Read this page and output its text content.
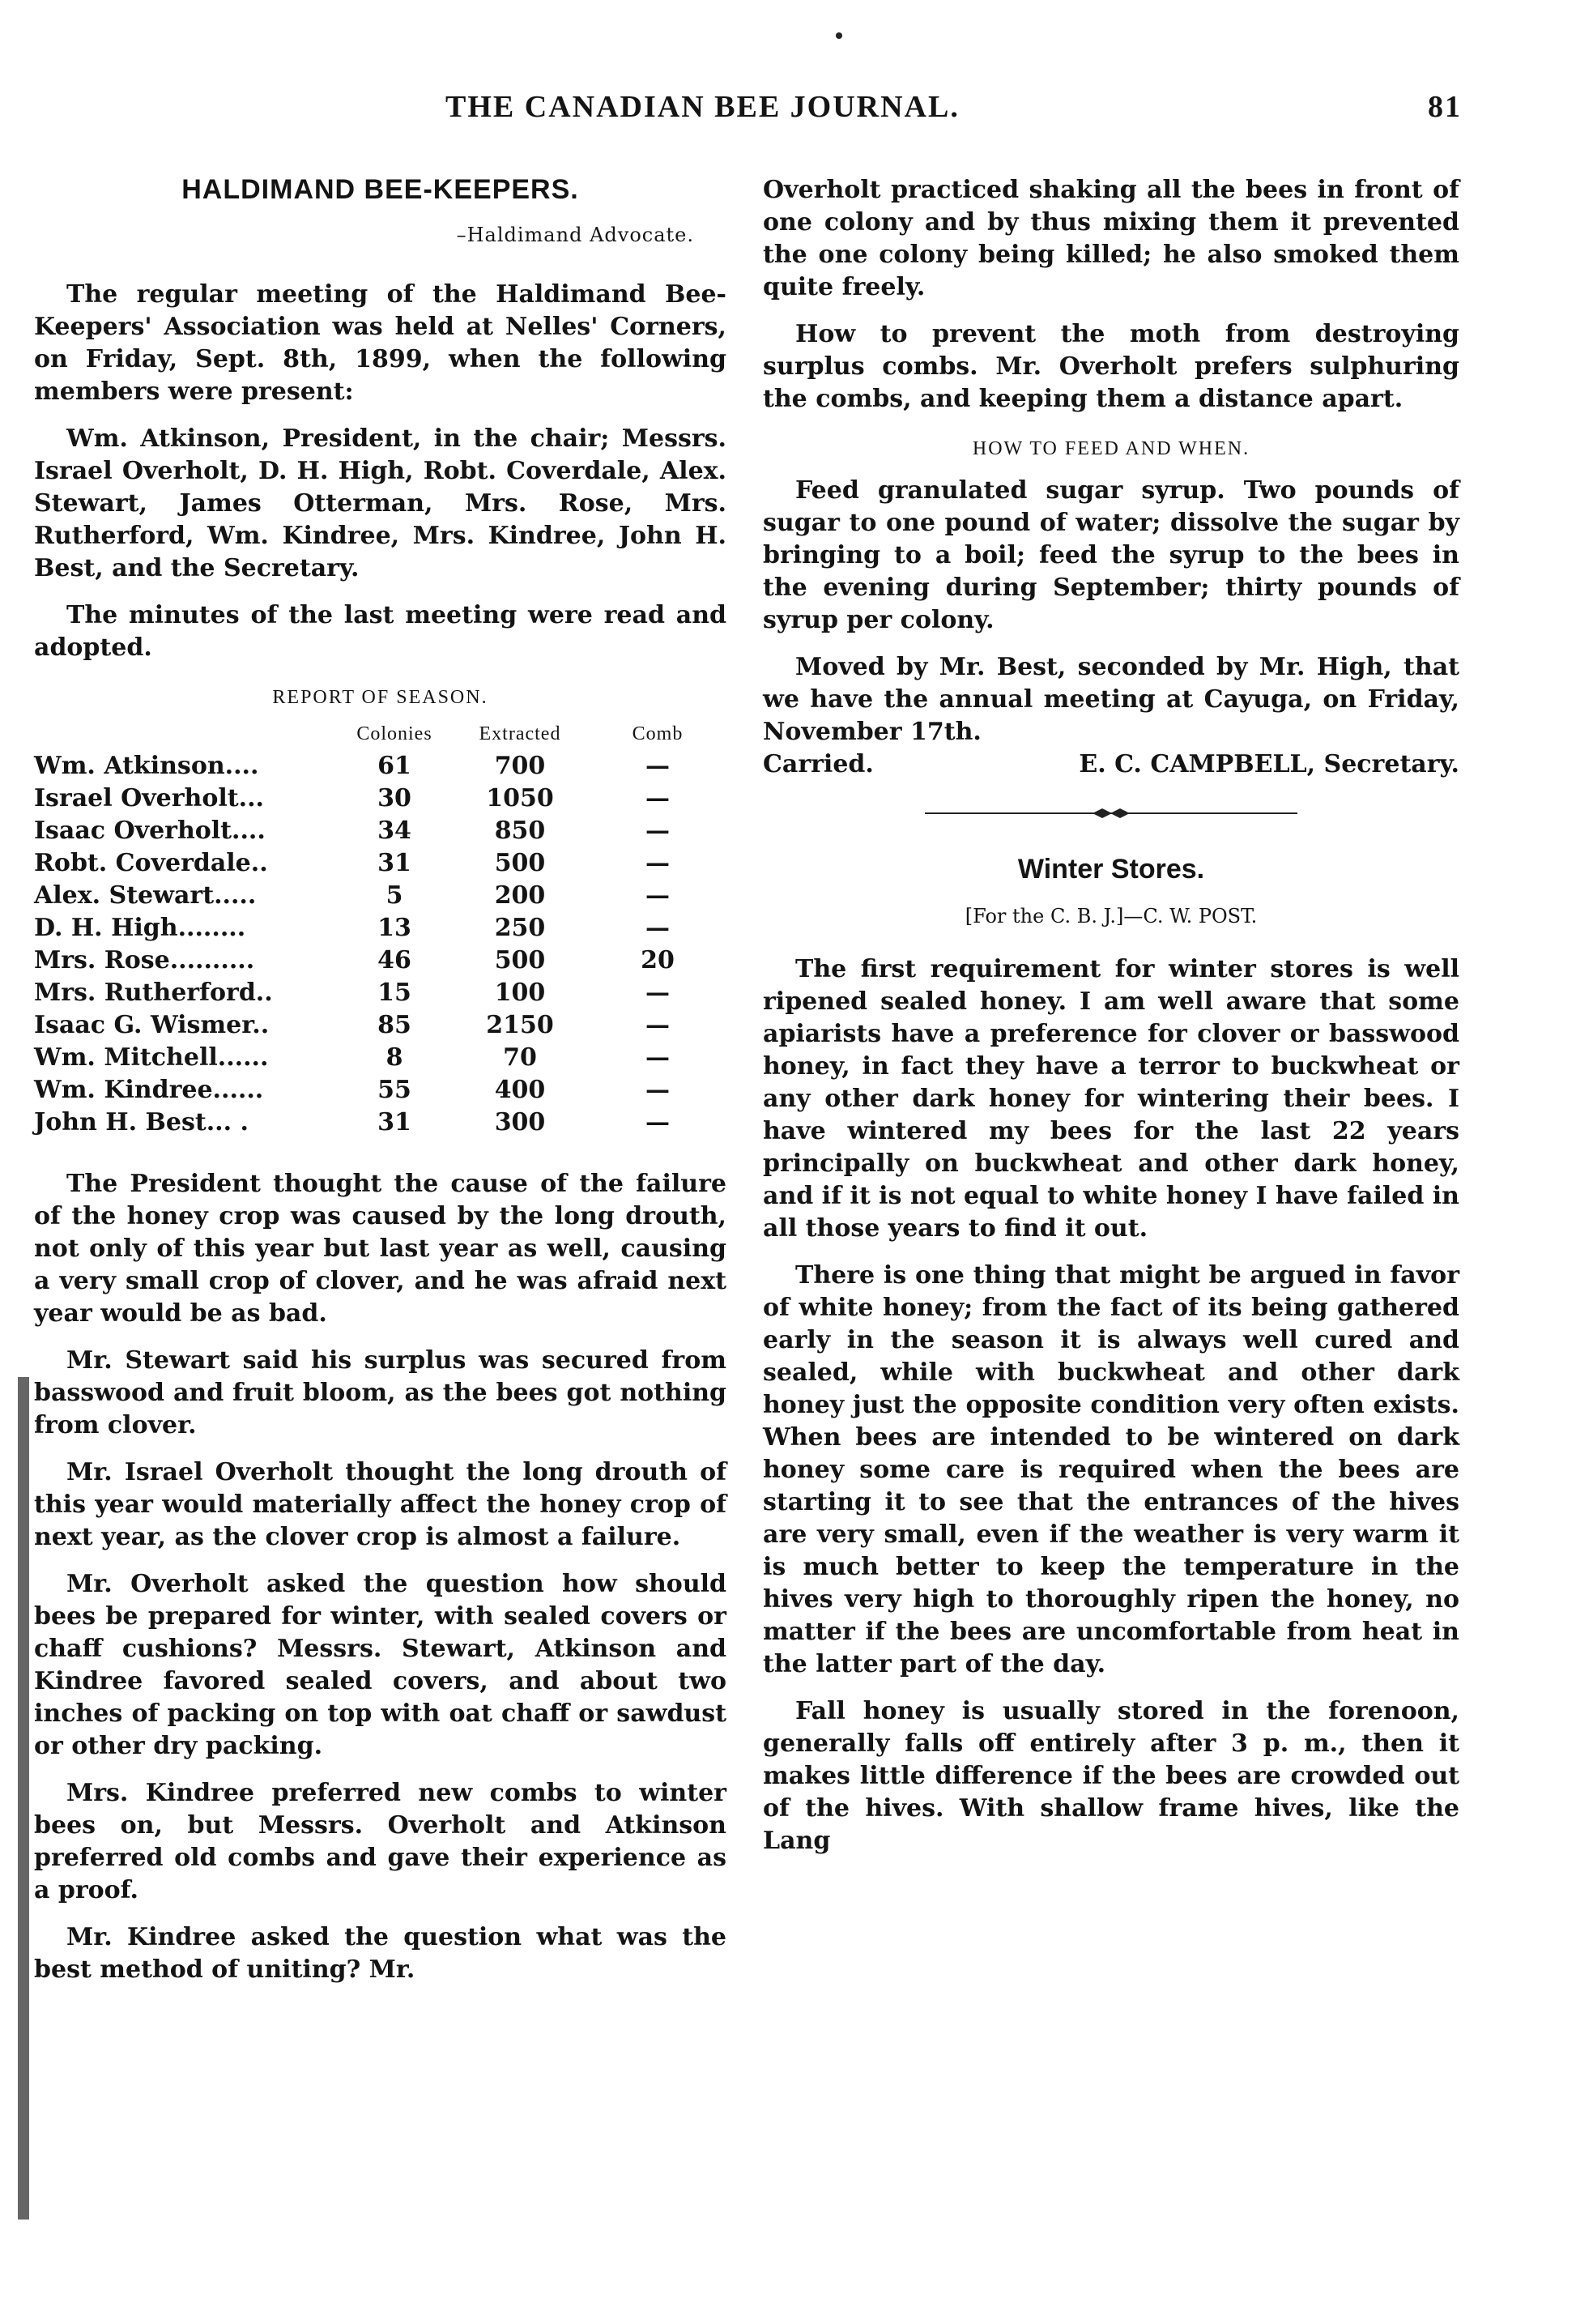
THE CANADIAN BEE JOURNAL.	81
HALDIMAND BEE-KEEPERS.
–Haldimand Advocate.

The regular meeting of the Haldimand Bee-Keepers' Association was held at Nelles' Corners, on Friday, Sept. 8th, 1899, when the following members were present:

Wm. Atkinson, President, in the chair; Messrs. Israel Overholt, D. H. High, Robt. Coverdale, Alex. Stewart, James Otterman, Mrs. Rose, Mrs. Rutherford, Wm. Kindree, Mrs. Kindree, John H. Best, and the Secretary.

The minutes of the last meeting were read and adopted.

REPORT OF SEASON.
	Colonies	Extracted	Comb
Wm. Atkinson....	61	700	—
Israel Overholt...	30	1050	—
Isaac Overholt....	34	850	—
Robt. Coverdale..	31	500	—
Alex. Stewart.....	5	200	—
D. H. High........	13	250	—
Mrs. Rose..........	46	500	20
Mrs. Rutherford..	15	100	—
Isaac G. Wismer..	85	2150	—
Wm. Mitchell......	8	70	—
Wm. Kindree......	55	400	—
John H. Best... .	31	300	—

The President thought the cause of the failure of the honey crop was caused by the long drouth, not only of this year but last year as well, causing a very small crop of clover, and he was afraid next year would be as bad.

Mr. Stewart said his surplus was secured from basswood and fruit bloom, as the bees got nothing from clover.

Mr. Israel Overholt thought the long drouth of this year would materially affect the honey crop of next year, as the clover crop is almost a failure.

Mr. Overholt asked the question how should bees be prepared for winter, with sealed covers or chaff cushions? Messrs. Stewart, Atkinson and Kindree favored sealed covers, and about two inches of packing on top with oat chaff or sawdust or other dry packing.

Mrs. Kindree preferred new combs to winter bees on, but Messrs. Overholt and Atkinson preferred old combs and gave their experience as a proof.

Mr. Kindree asked the question what was the best method of uniting? Mr.

Overholt practiced shaking all the bees in front of one colony and by thus mixing them it prevented the one colony being killed; he also smoked them quite freely.

How to prevent the moth from destroying surplus combs. Mr. Overholt prefers sulphuring the combs, and keeping them a distance apart.

HOW TO FEED AND WHEN.

Feed granulated sugar syrup. Two pounds of sugar to one pound of water; dissolve the sugar by bringing to a boil; feed the syrup to the bees in the evening during September; thirty pounds of syrup per colony.

Moved by Mr. Best, seconded by Mr. High, that we have the annual meeting at Cayuga, on Friday, November 17th.

Carried.	E. C. CAMPBELL, Secretary.
Winter Stores.
[For the C. B. J.]—C. W. POST.

The first requirement for winter stores is well ripened sealed honey. I am well aware that some apiarists have a preference for clover or basswood honey, in fact they have a terror to buckwheat or any other dark honey for wintering their bees. I have wintered my bees for the last 22 years principally on buckwheat and other dark honey, and if it is not equal to white honey I have failed in all those years to find it out.

There is one thing that might be argued in favor of white honey; from the fact of its being gathered early in the season it is always well cured and sealed, while with buckwheat and other dark honey just the opposite condition very often exists. When bees are intended to be wintered on dark honey some care is required when the bees are starting it to see that the entrances of the hives are very small, even if the weather is very warm it is much better to keep the temperature in the hives very high to thoroughly ripen the honey, no matter if the bees are uncomfortable from heat in the latter part of the day.

Fall honey is usually stored in the forenoon, generally falls off entirely after 3 p. m., then it makes little difference if the bees are crowded out of the hives. With shallow frame hives, like the Lang
